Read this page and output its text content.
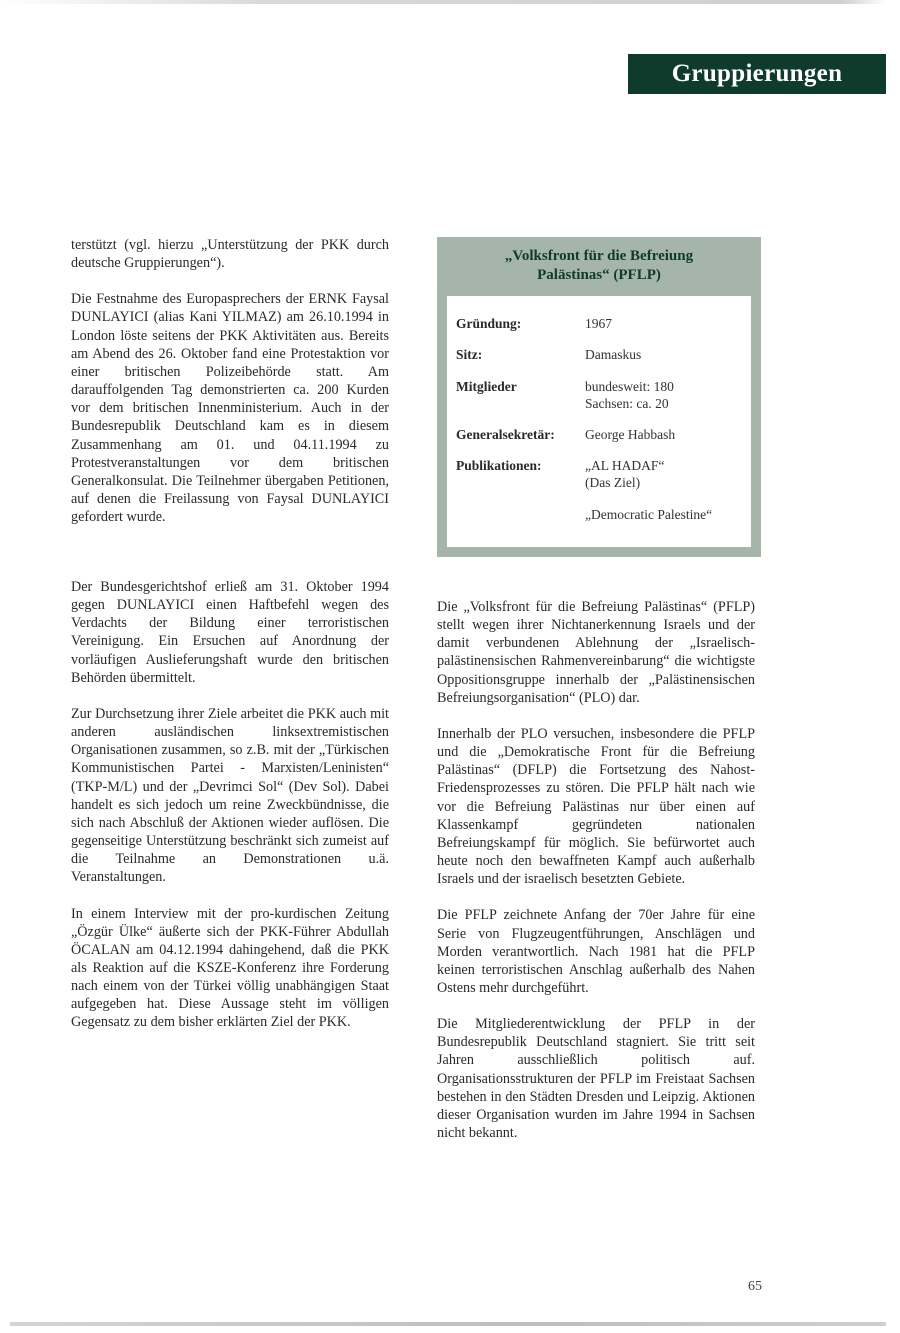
Gruppierungen

terstützt (vgl. hierzu „Unterstützung der PKK durch deutsche Gruppierungen“).

Die Festnahme des Europasprechers der ERNK Faysal DUNLAYICI (alias Kani YILMAZ) am 26.10.1994 in London löste seitens der PKK Aktivitäten aus. Bereits am Abend des 26. Oktober fand eine Protestaktion vor einer britischen Polizeibehörde statt. Am darauffolgenden Tag demonstrierten ca. 200 Kurden vor dem britischen Innenministerium. Auch in der Bundesrepublik Deutschland kam es in diesem Zusammenhang am 01. und 04.11.1994 zu Protestveranstaltungen vor dem britischen Generalkonsulat. Die Teilnehmer übergaben Petitionen, auf denen die Freilassung von Faysal DUNLAYICI gefordert wurde.

„Volksfront für die Befreiung
Palästinas“ (PFLP)
Gründung:	1967
Sitz:	Damaskus
Mitglieder	bundesweit: 180
Sachsen: ca. 20
Generalsekretär: George Habbash
Publikationen:	„AL HADAF“
(Das Ziel)
„Democratic Palestine“

Der Bundesgerichtshof erließ am 31. Oktober 1994 gegen DUNLAYICI einen Haftbefehl wegen des Verdachts der Bildung einer terroristischen Vereinigung. Ein Ersuchen auf Anordnung der vorläufigen Auslieferungshaft wurde den britischen Behörden übermittelt.

Zur Durchsetzung ihrer Ziele arbeitet die PKK auch mit anderen ausländischen linksextremistischen Organisationen zusammen, so z.B. mit der „Türkischen Kommunistischen Partei - Marxisten/Leninisten“ (TKP-M/L) und der „Devrimci Sol“ (Dev Sol). Dabei handelt es sich jedoch um reine Zweckbündnisse, die sich nach Abschluß der Aktionen wieder auflösen. Die gegenseitige Unterstützung beschränkt sich zumeist auf die Teilnahme an Demonstrationen u.ä. Veranstaltungen.

In einem Interview mit der pro-kurdischen Zeitung „Özgür Ülke“ äußerte sich der PKK-Führer Abdullah ÖCALAN am 04.12.1994 dahingehend, daß die PKK als Reaktion auf die KSZE-Konferenz ihre Forderung nach einem von der Türkei völlig unabhängigen Staat aufgegeben hat. Diese Aussage steht im völligen Gegensatz zu dem bisher erklärten Ziel der PKK.

Die „Volksfront für die Befreiung Palästinas“ (PFLP) stellt wegen ihrer Nichtanerkennung Israels und der damit verbundenen Ablehnung der „Israelisch-palästinensischen Rahmenvereinbarung“ die wichtigste Oppositionsgruppe innerhalb der „Palästinensischen Befreiungsorganisation“ (PLO) dar.

Innerhalb der PLO versuchen, insbesondere die PFLP und die „Demokratische Front für die Befreiung Palästinas“ (DFLP) die Fortsetzung des Nahost-Friedensprozesses zu stören. Die PFLP hält nach wie vor die Befreiung Palästinas nur über einen auf Klassenkampf gegründeten nationalen Befreiungskampf für möglich. Sie befürwortet auch heute noch den bewaffneten Kampf auch außerhalb Israels und der israelisch besetzten Gebiete.

Die PFLP zeichnete Anfang der 70er Jahre für eine Serie von Flugzeugentführungen, Anschlägen und Morden verantwortlich. Nach 1981 hat die PFLP keinen terroristischen Anschlag außerhalb des Nahen Ostens mehr durchgeführt.

Die Mitgliederentwicklung der PFLP in der Bundesrepublik Deutschland stagniert. Sie tritt seit Jahren ausschließlich politisch auf. Organisationsstrukturen der PFLP im Freistaat Sachsen bestehen in den Städten Dresden und Leipzig. Aktionen dieser Organisation wurden im Jahre 1994 in Sachsen nicht bekannt.

65
